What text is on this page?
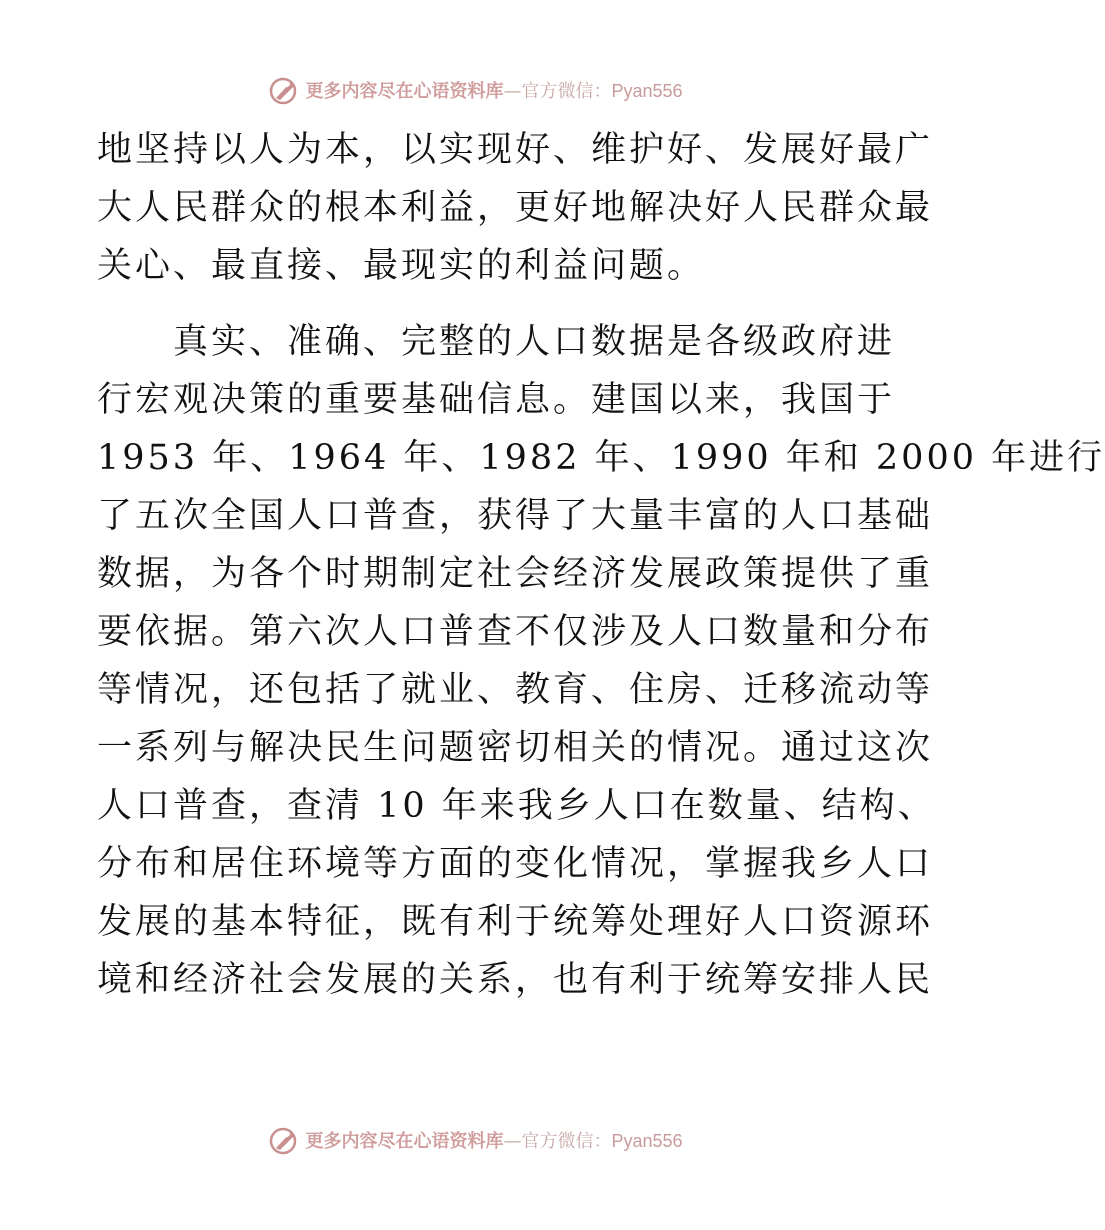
更多内容尽在心语资料库—官方微信：Pyan556
地坚持以人为本，以实现好、维护好、发展好最广
大人民群众的根本利益，更好地解决好人民群众最
关心、最直接、最现实的利益问题。
　　真实、准确、完整的人口数据是各级政府进
行宏观决策的重要基础信息。建国以来，我国于
1953 年、1964 年、1982 年、1990 年和 2000 年进行
了五次全国人口普查，获得了大量丰富的人口基础
数据，为各个时期制定社会经济发展政策提供了重
要依据。第六次人口普查不仅涉及人口数量和分布
等情况，还包括了就业、教育、住房、迁移流动等
一系列与解决民生问题密切相关的情况。通过这次
人口普查，查清 10 年来我乡人口在数量、结构、
分布和居住环境等方面的变化情况，掌握我乡人口
发展的基本特征，既有利于统筹处理好人口资源环
境和经济社会发展的关系，也有利于统筹安排人民
更多内容尽在心语资料库—官方微信：Pyan556
